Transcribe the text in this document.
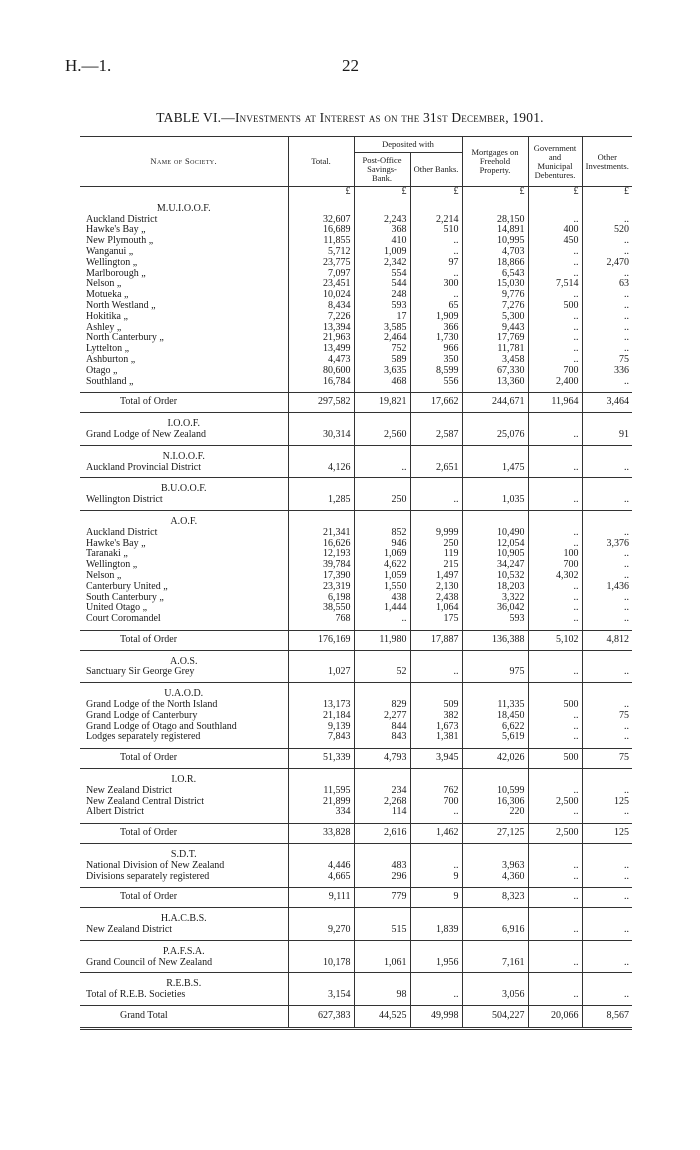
H.—1.	22
TABLE VI.—Investments at Interest as on the 31st December, 1901.
Name of Society.	Total.	Deposited with		Mortgages on Freehold Property.	Government and Municipal Debentures.	Other Investments.
		Post-Office Savings-Bank.	Other Banks.			
	£	£	£	£	£	£
M.U.I.O.O.F.						
Auckland District	32,607	2,243	2,214	28,150	..	..
Hawke's Bay „	16,689	368	510	14,891	400	520
New Plymouth „	11,855	410	..	10,995	450	..
Wanganui „	5,712	1,009	..	4,703	..	..
Wellington „	23,775	2,342	97	18,866	..	2,470
Marlborough „	7,097	554	..	6,543	..	..
Nelson „	23,451	544	300	15,030	7,514	63
Motueka „	10,024	248	..	9,776	..	..
North Westland „	8,434	593	65	7,276	500	..
Hokitika „	7,226	17	1,909	5,300	..	..
Ashley „	13,394	3,585	366	9,443	..	..
North Canterbury „	21,963	2,464	1,730	17,769	..	..
Lyttelton „	13,499	752	966	11,781	..	..
Ashburton „	4,473	589	350	3,458	..	75
Otago „	80,600	3,635	8,599	67,330	700	336
Southland „	16,784	468	556	13,360	2,400	..

Total of Order	297,582	19,821	17,662	244,671	11,964	3,464
I.O.O.F.						
Grand Lodge of New Zealand	30,314	2,560	2,587	25,076	..	91

N.I.O.O.F.						
Auckland Provincial District	4,126	..	2,651	1,475	..	..

B.U.O.O.F.						
Wellington District	1,285	250	..	1,035	..	..

A.O.F.						
Auckland District	21,341	852	9,999	10,490	..	..
Hawke's Bay „	16,626	946	250	12,054	..	3,376
Taranaki „	12,193	1,069	119	10,905	100	..
Wellington „	39,784	4,622	215	34,247	700	..
Nelson „	17,390	1,059	1,497	10,532	4,302	..
Canterbury United „	23,319	1,550	2,130	18,203	..	1,436
South Canterbury „	6,198	438	2,438	3,322	..	..
United Otago „	38,550	1,444	1,064	36,042	..	..
Court Coromandel	768	..	175	593	..	..

Total of Order	176,169	11,980	17,887	136,388	5,102	4,812
A.O.S.						
Sanctuary Sir George Grey	1,027	52	..	975	..	..

U.A.O.D.						
Grand Lodge of the North Island	13,173	829	509	11,335	500	..
Grand Lodge of Canterbury	21,184	2,277	382	18,450	..	75
Grand Lodge of Otago and Southland	9,139	844	1,673	6,622	..	..
Lodges separately registered	7,843	843	1,381	5,619	..	..

Total of Order	51,339	4,793	3,945	42,026	500	75
I.O.R.						
New Zealand District	11,595	234	762	10,599	..	..
New Zealand Central District	21,899	2,268	700	16,306	2,500	125
Albert District	334	114	..	220	..	..

Total of Order	33,828	2,616	1,462	27,125	2,500	125
S.D.T.						
National Division of New Zealand	4,446	483	..	3,963	..	..
Divisions separately registered	4,665	296	9	4,360	..	..

Total of Order	9,111	779	9	8,323	..	..
H.A.C.B.S.						
New Zealand District	9,270	515	1,839	6,916	..	..

P.A.F.S.A.						
Grand Council of New Zealand	10,178	1,061	1,956	7,161	..	..

R.E.B.S.						
Total of R.E.B. Societies	3,154	98	..	3,056	..	..

Grand Total	627,383	44,525	49,998	504,227	20,066	8,567
